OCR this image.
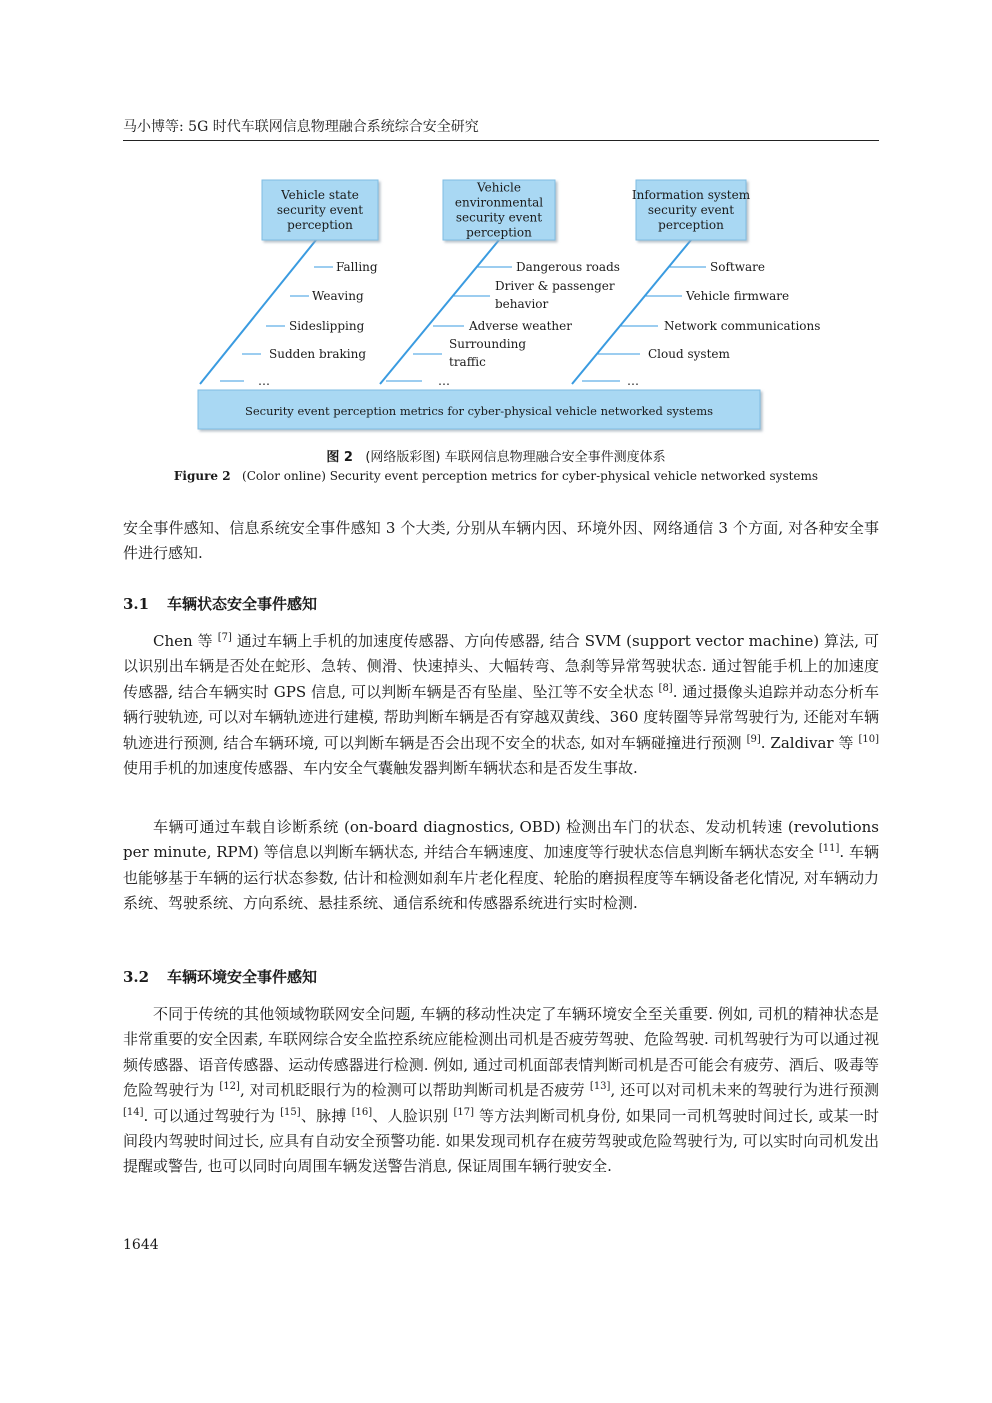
马小博等: 5G 时代车联网信息物理融合系统综合安全研究
Vehicle state
security event
perception
Falling
Weaving
Sideslipping
Sudden braking
…
Vehicle
environmental
security event
perception
Dangerous roads
Driver & passenger
behavior
Adverse weather
Surrounding
traffic
…
Information system
security event
perception
Software
Vehicle firmware
Network communications
Cloud system
…
Security event perception metrics for cyber-physical vehicle networked systems
图 2 (网络版彩图) 车联网信息物理融合安全事件测度体系
Figure 2 (Color online) Security event perception metrics for cyber-physical vehicle networked systems
安全事件感知、信息系统安全事件感知 3 个大类, 分别从车辆内因、环境外因、网络通信 3 个方面, 对各种安全事件进行感知.
3.1 车辆状态安全事件感知
Chen 等 [7] 通过车辆上手机的加速度传感器、方向传感器, 结合 SVM (support vector machine) 算法, 可以识别出车辆是否处在蛇形、急转、侧滑、快速掉头、大幅转弯、急刹等异常驾驶状态. 通过智能手机上的加速度传感器, 结合车辆实时 GPS 信息, 可以判断车辆是否有坠崖、坠江等不安全状态 [8]. 通过摄像头追踪并动态分析车辆行驶轨迹, 可以对车辆轨迹进行建模, 帮助判断车辆是否有穿越双黄线、360 度转圈等异常驾驶行为, 还能对车辆轨迹进行预测, 结合车辆环境, 可以判断车辆是否会出现不安全的状态, 如对车辆碰撞进行预测 [9]. Zaldivar 等 [10] 使用手机的加速度传感器、车内安全气囊触发器判断车辆状态和是否发生事故.
车辆可通过车载自诊断系统 (on-board diagnostics, OBD) 检测出车门的状态、发动机转速 (revolutions per minute, RPM) 等信息以判断车辆状态, 并结合车辆速度、加速度等行驶状态信息判断车辆状态安全 [11]. 车辆也能够基于车辆的运行状态参数, 估计和检测如刹车片老化程度、轮胎的磨损程度等车辆设备老化情况, 对车辆动力系统、驾驶系统、方向系统、悬挂系统、通信系统和传感器系统进行实时检测.
3.2 车辆环境安全事件感知
不同于传统的其他领域物联网安全问题, 车辆的移动性决定了车辆环境安全至关重要. 例如, 司机的精神状态是非常重要的安全因素, 车联网综合安全监控系统应能检测出司机是否疲劳驾驶、危险驾驶. 司机驾驶行为可以通过视频传感器、语音传感器、运动传感器进行检测. 例如, 通过司机面部表情判断司机是否可能会有疲劳、酒后、吸毒等危险驾驶行为 [12], 对司机眨眼行为的检测可以帮助判断司机是否疲劳 [13], 还可以对司机未来的驾驶行为进行预测 [14]. 可以通过驾驶行为 [15]、脉搏 [16]、人脸识别 [17] 等方法判断司机身份, 如果同一司机驾驶时间过长, 或某一时间段内驾驶时间过长, 应具有自动安全预警功能. 如果发现司机存在疲劳驾驶或危险驾驶行为, 可以实时向司机发出提醒或警告, 也可以同时向周围车辆发送警告消息, 保证周围车辆行驶安全.
1644
